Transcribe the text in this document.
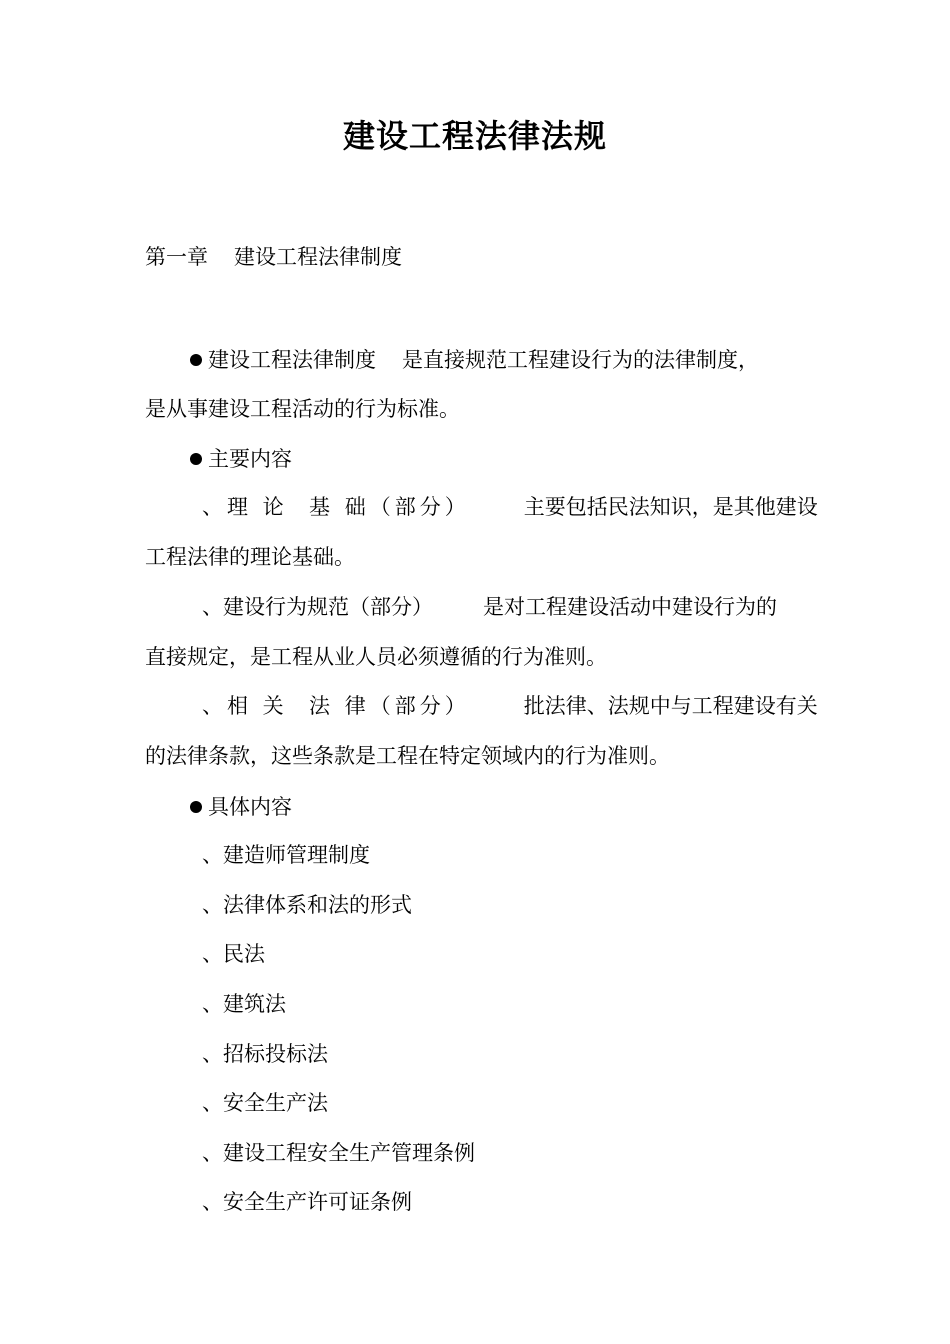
建设工程法律法规
第一章 建设工程法律制度
建设工程法律制度 是直接规范工程建设行为的法律制度，
是从事建设工程活动的行为标准。
主要内容
、理 论  基 础（部分）	主要包括民法知识，是其他建设
工程法律的理论基础。
、建设行为规范（部分） 是对工程建设活动中建设行为的
直接规定，是工程从业人员必须遵循的行为准则。
、相 关  法 律（部分）	批法律、法规中与工程建设有关
的法律条款，这些条款是工程在特定领域内的行为准则。
具体内容
、建造师管理制度
、法律体系和法的形式
、民法
、建筑法
、招标投标法
、安全生产法
、建设工程安全生产管理条例
、安全生产许可证条例
